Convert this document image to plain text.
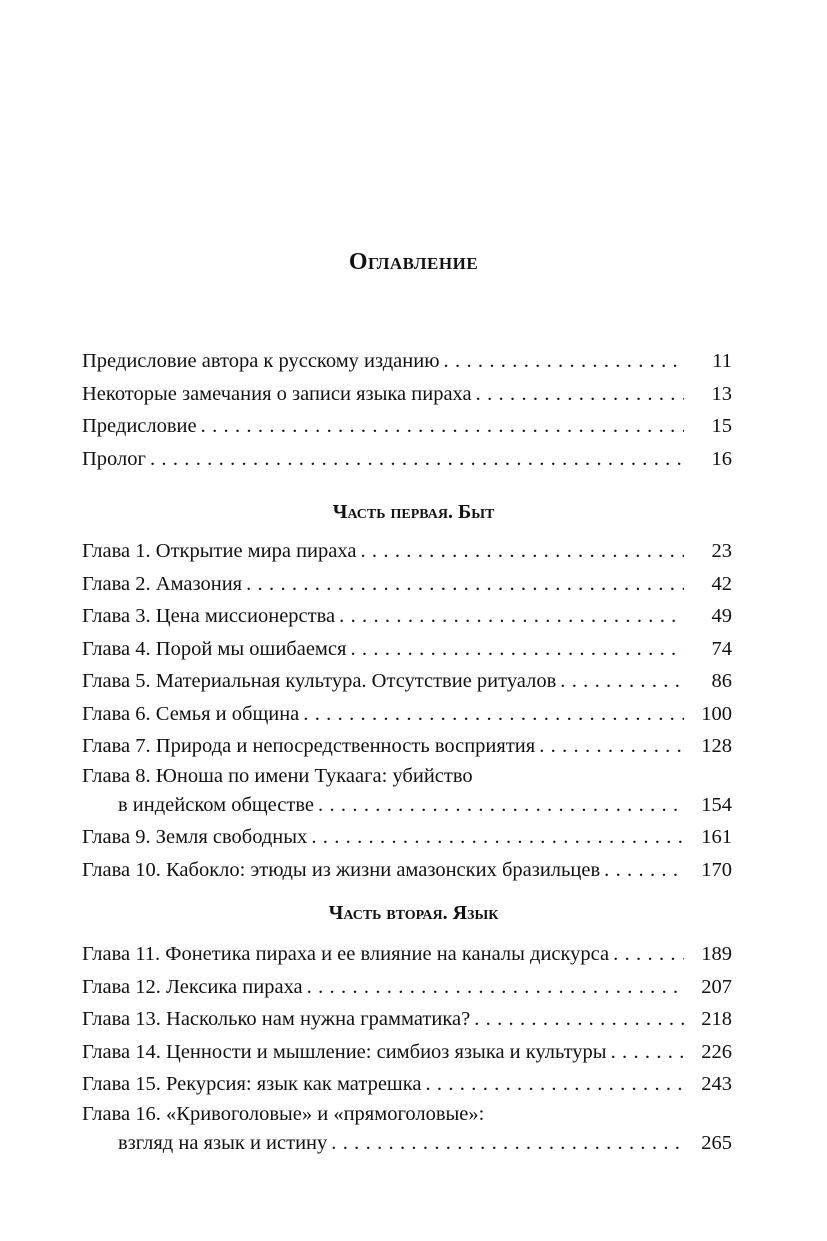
Оглавление
Предисловие автора к русскому изданию . . .	11
Некоторые замечания о записи языка пираха . . .	13
Предисловие . . .	15
Пролог . . .	16
Часть первая. Быт
Глава 1. Открытие мира пираха . . .	23
Глава 2. Амазония . . .	42
Глава 3. Цена миссионерства . . .	49
Глава 4. Порой мы ошибаемся . . .	74
Глава 5. Материальная культура. Отсутствие ритуалов . . .	86
Глава 6. Семья и община . . .	100
Глава 7. Природа и непосредственность восприятия . . .	128
Глава 8. Юноша по имени Тукаага: убийство
в индейском обществе . . .	154
Глава 9. Земля свободных . . .	161
Глава 10. Кабокло: этюды из жизни амазонских бразильцев . . .	170
Часть вторая. Язык
Глава 11. Фонетика пираха и ее влияние на каналы дискурса . . .	189
Глава 12. Лексика пираха . . .	207
Глава 13. Насколько нам нужна грамматика? . . .	218
Глава 14. Ценности и мышление: симбиоз языка и культуры . . .	226
Глава 15. Рекурсия: язык как матрешка . . .	243
Глава 16. «Кривоголовые» и «прямоголовые»:
взгляд на язык и истину . . .	265
